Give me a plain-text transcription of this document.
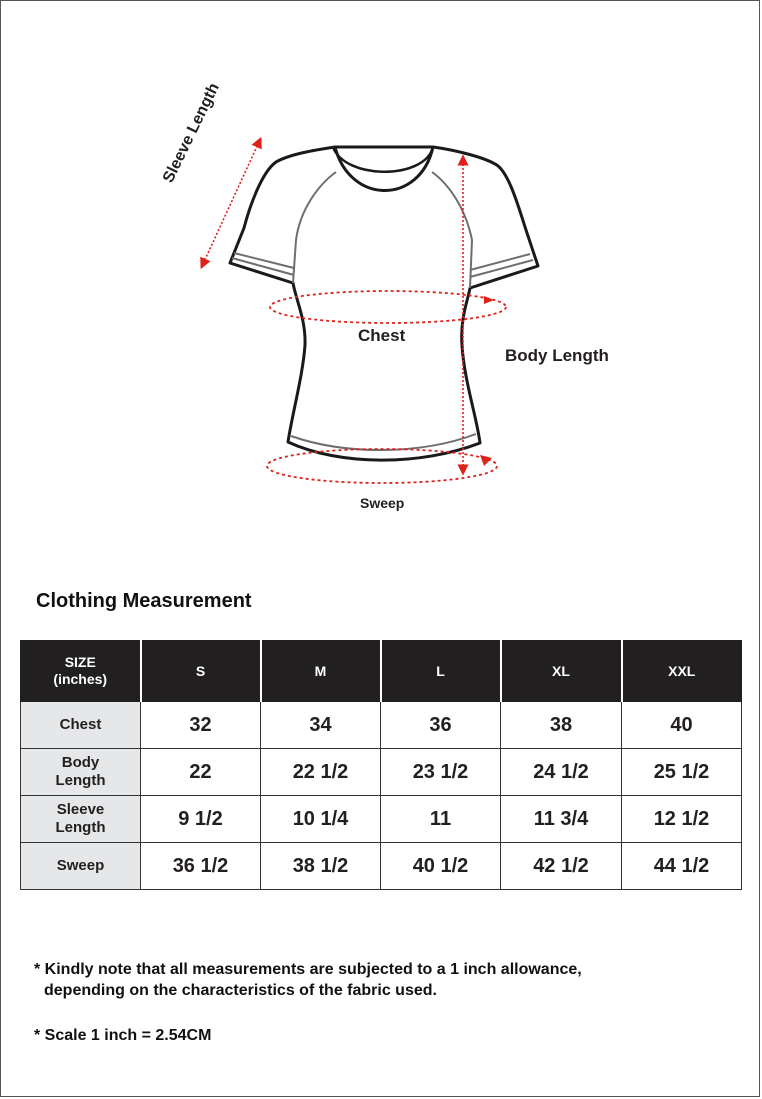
Sleeve Length
Chest
Body Length
Sweep
Clothing Measurement
SIZE
(inches)	S	M	L	XL	XXL
Chest	32	34	36	38	40
Body
Length	22	22 1/2	23 1/2	24 1/2	25 1/2
Sleeve
Length	9 1/2	10 1/4	11	11 3/4	12 1/2
Sweep	36 1/2	38 1/2	40 1/2	42 1/2	44 1/2
* Kindly note that all measurements are subjected to a 1 inch allowance,
depending on the characteristics of the fabric used.
* Scale 1 inch = 2.54CM
